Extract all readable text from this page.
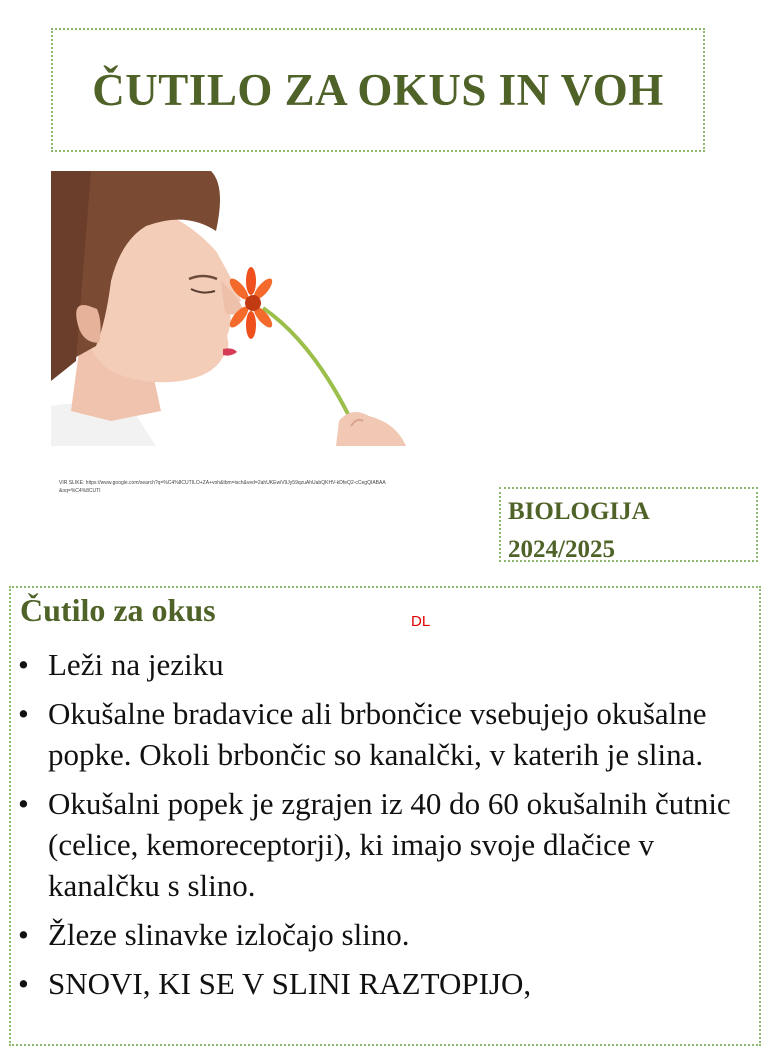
ČUTILO ZA OKUS IN VOH
VIR SLIKE: https://www.google.com/search?q=%C4%8CUTILO+ZA+voh&tbm=isch&ved=2ahUKEwiV9Jy59qzuAhUabQKHV-kDfeQ2-cCegQIABAA&oq=%C4%8CUTI
BIOLOGIJA
2024/2025
Čutilo za okus	DL
• Leži na jeziku
• Okušalne bradavice ali brbončice vsebujejo okušalne popke. Okoli brbončic so kanalčki, v katerih je slina.
• Okušalni popek je zgrajen iz 40 do 60 okušalnih čutnic (celice, kemoreceptorji), ki imajo svoje dlačice v kanalčku s slino.
• Žleze slinavke izločajo slino.
• SNOVI, KI SE V SLINI RAZTOPIJO,
